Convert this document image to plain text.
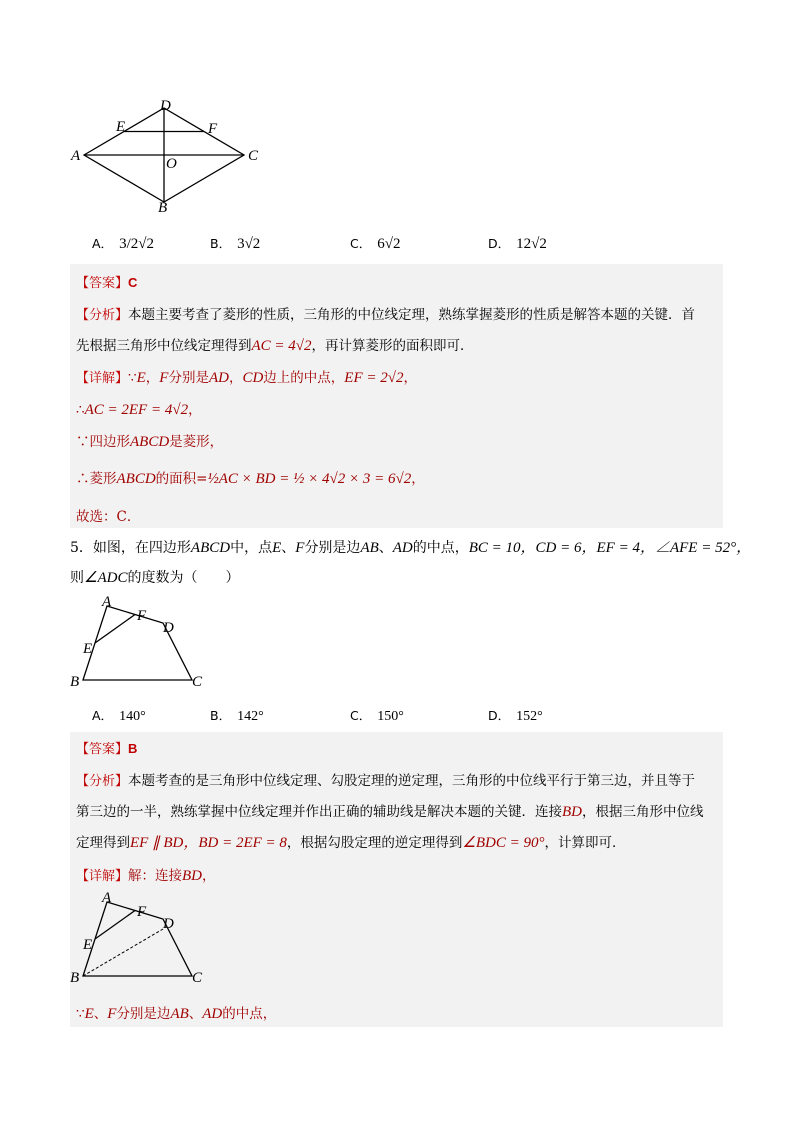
D
E	F
A	C
O
B
A． 3/2√2	B． 3√2	C． 6√2	D． 12√2
【答案】C
【分析】本题主要考查了菱形的性质，三角形的中位线定理，熟练掌握菱形的性质是解答本题的关键．首
先根据三角形中位线定理得到AC = 4√2，再计算菱形的面积即可．
【详解】∵E，F分别是AD，CD边上的中点，EF = 2√2，
∴AC = 2EF = 4√2，
∵四边形ABCD是菱形，
∴菱形ABCD的面积=½AC × BD = ½ × 4√2 × 3 = 6√2，
故选：C．
5．如图，在四边形ABCD中，点E、F分别是边AB、AD的中点，BC = 10，CD = 6，EF = 4，∠AFE = 52°，
则∠ADC的度数为（　　）
A
F
D
E
B	C
A． 140°	B． 142°	C． 150°	D． 152°
【答案】B
【分析】本题考查的是三角形中位线定理、勾股定理的逆定理，三角形的中位线平行于第三边，并且等于
第三边的一半，熟练掌握中位线定理并作出正确的辅助线是解决本题的关键．连接BD，根据三角形中位线
定理得到EF ∥ BD，BD = 2EF = 8，根据勾股定理的逆定理得到∠BDC = 90°，计算即可．
【详解】解：连接BD，
A
F
D
E
B	C
∵E、F分别是边AB、AD的中点，
